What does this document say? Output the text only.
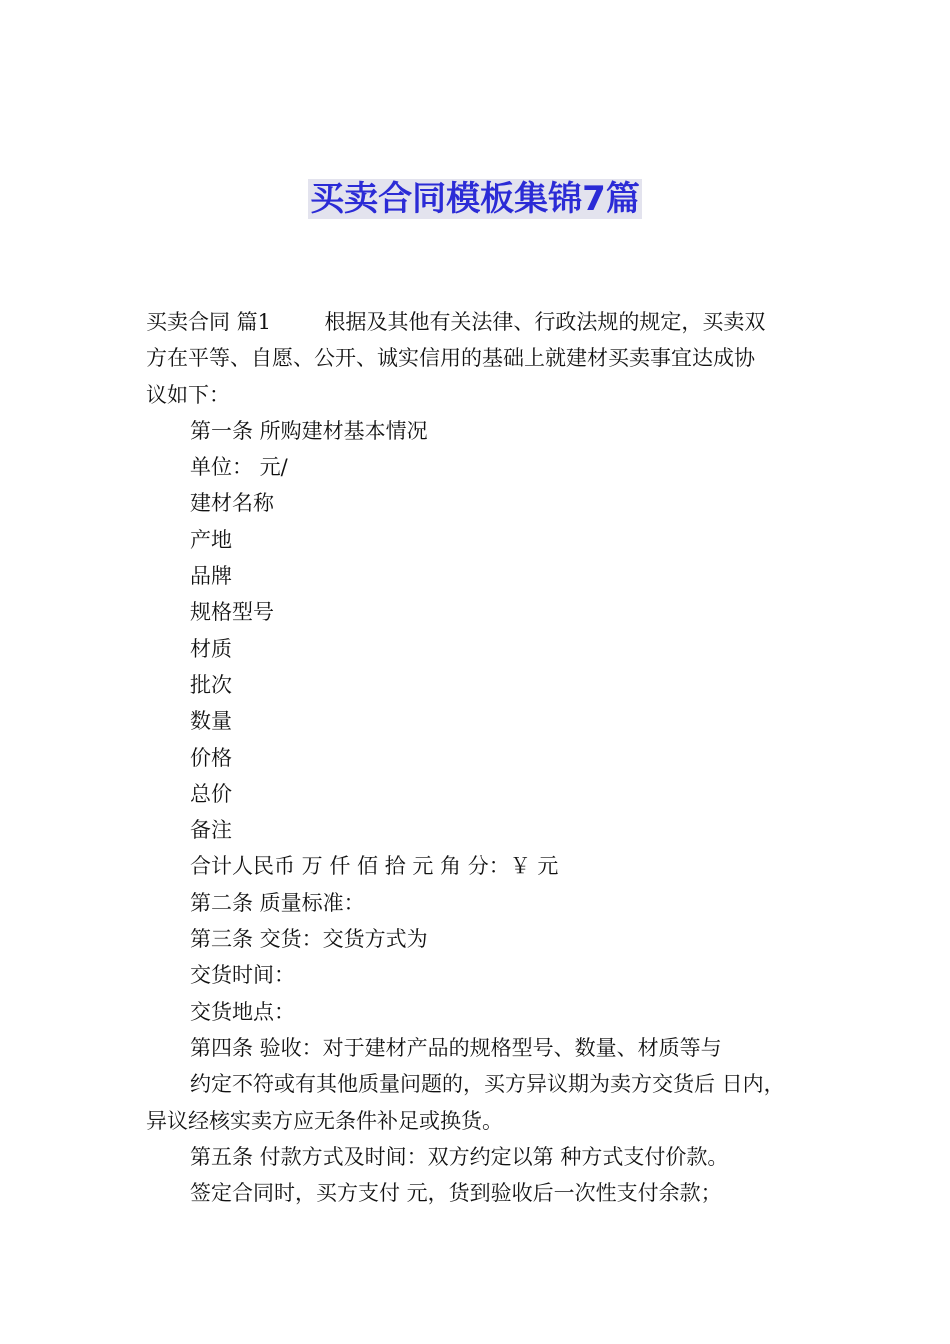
买卖合同模板集锦7篇

买卖合同 篇1        根据及其他有关法律、行政法规的规定，买卖双

方在平等、自愿、公开、诚实信用的基础上就建材买卖事宜达成协

议如下：

第一条 所购建材基本情况

单位： 元/

建材名称

产地

品牌

规格型号

材质

批次

数量

价格

总价

备注

合计人民币 万 仟 佰 拾 元 角 分：￥ 元

第二条 质量标准：

第三条 交货：交货方式为

交货时间：

交货地点：

第四条 验收：对于建材产品的规格型号、数量、材质等与

约定不符或有其他质量问题的，买方异议期为卖方交货后 日内，

异议经核实卖方应无条件补足或换货。

第五条 付款方式及时间：双方约定以第 种方式支付价款。

签定合同时，买方支付 元，货到验收后一次性支付余款；
